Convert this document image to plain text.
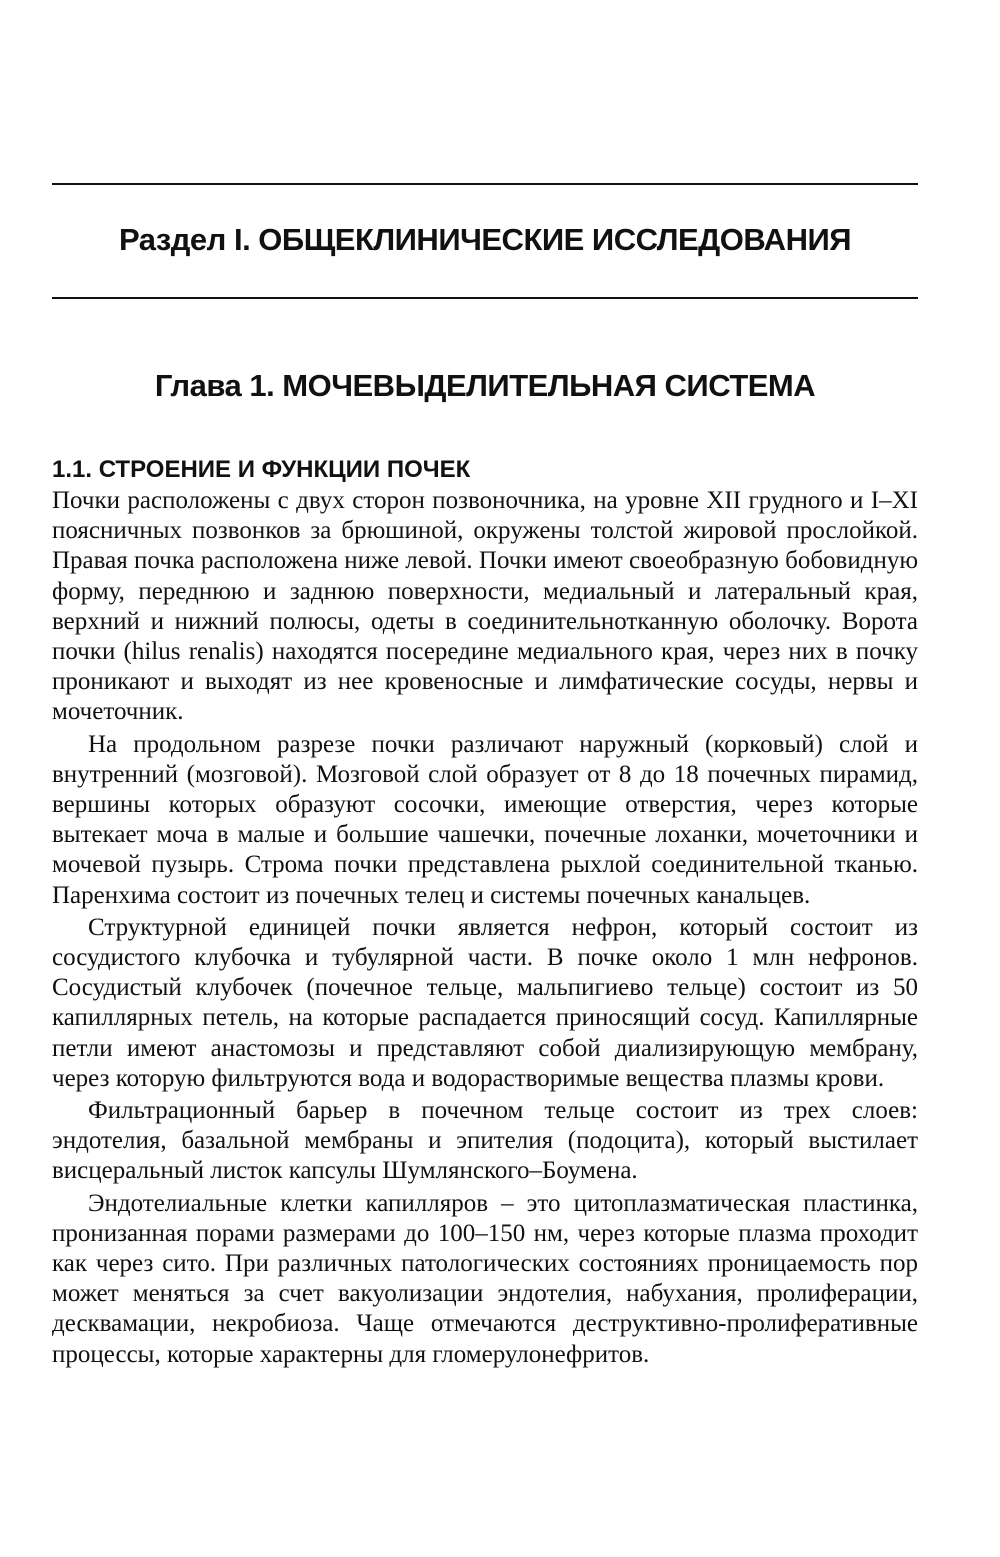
Раздел I. ОБЩЕКЛИНИЧЕСКИЕ ИССЛЕДОВАНИЯ
Глава 1. МОЧЕВЫДЕЛИТЕЛЬНАЯ СИСТЕМА
1.1. СТРОЕНИЕ И ФУНКЦИИ ПОЧЕК

Почки расположены с двух сторон позвоночника, на уровне XII грудного и I–XI поясничных позвонков за брюшиной, окружены толстой жировой прослойкой. Правая почка расположена ниже левой. Почки имеют своеобразную бобовидную форму, переднюю и заднюю поверхности, медиальный и латеральный края, верхний и нижний полюсы, одеты в соединительнотканную оболочку. Ворота почки (hilus renalis) находятся посередине медиального края, через них в почку проникают и выходят из нее кровеносные и лимфатические сосуды, нервы и мочеточник.

На продольном разрезе почки различают наружный (корковый) слой и внутренний (мозговой). Мозговой слой образует от 8 до 18 почечных пирамид, вершины которых образуют сосочки, имеющие отверстия, через которые вытекает моча в малые и большие чашечки, почечные лоханки, мочеточники и мочевой пузырь. Строма почки представлена рыхлой соединительной тканью. Паренхима состоит из почечных телец и системы почечных канальцев.

Структурной единицей почки является нефрон, который состоит из сосудистого клубочка и тубулярной части. В почке около 1 млн нефронов. Сосудистый клубочек (почечное тельце, мальпигиево тельце) состоит из 50 капиллярных петель, на которые распадается приносящий сосуд. Капиллярные петли имеют анастомозы и представляют собой диализирующую мембрану, через которую фильтруются вода и водорастворимые вещества плазмы крови.

Фильтрационный барьер в почечном тельце состоит из трех слоев: эндотелия, базальной мембраны и эпителия (подоцита), который выстилает висцеральный листок капсулы Шумлянского–Боумена.

Эндотелиальные клетки капилляров – это цитоплазматическая пластинка, пронизанная порами размерами до 100–150 нм, через которые плазма проходит как через сито. При различных патологических состояниях проницаемость пор может меняться за счет вакуолизации эндотелия, набухания, пролиферации, десквамации, некробиоза. Чаще отмечаются деструктивно-пролиферативные процессы, которые характерны для гломерулонефритов.
